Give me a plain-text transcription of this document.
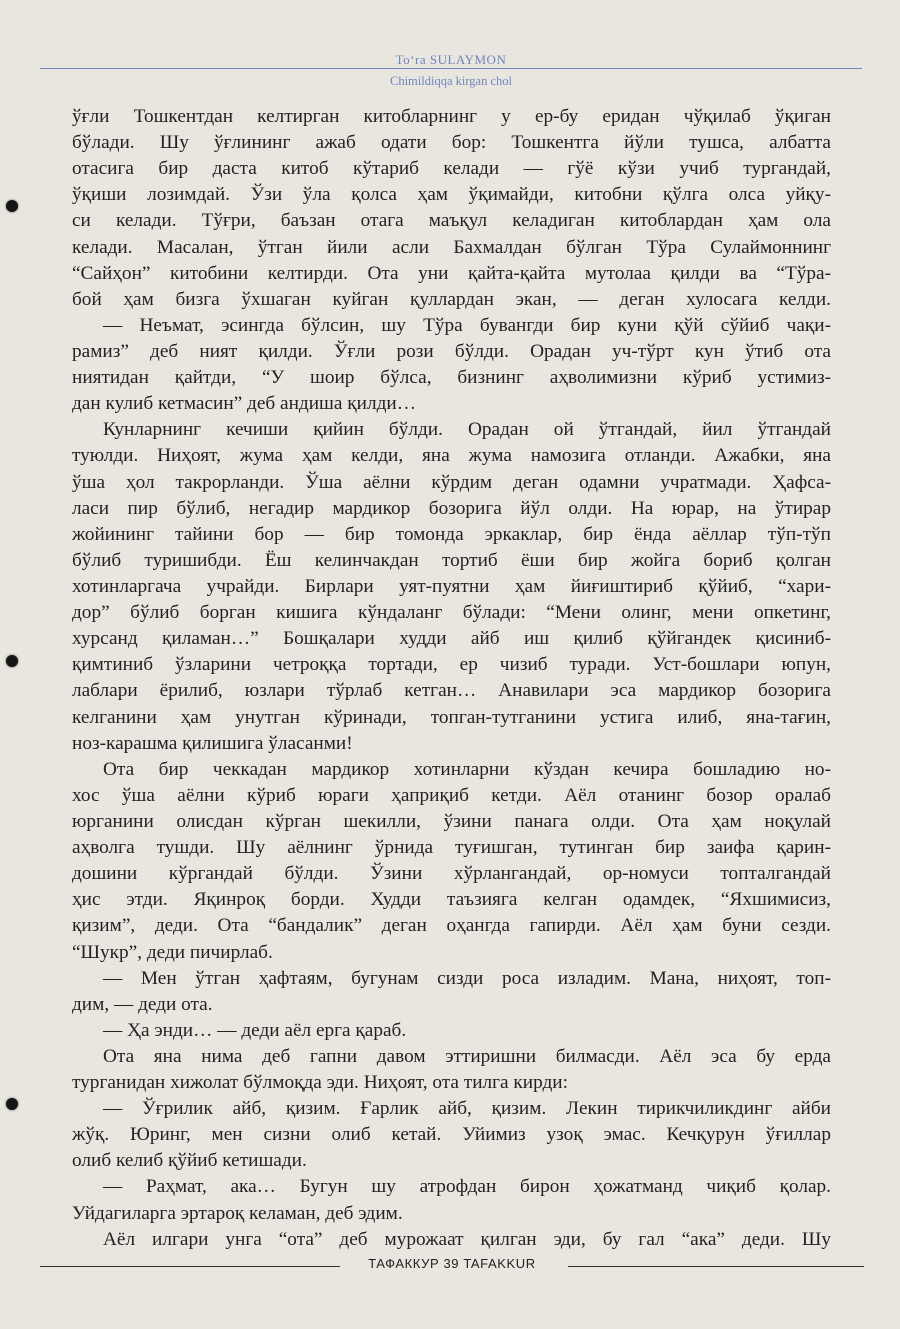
To‘ra SULAYMON
Chimildiqqa kirgan chol
ўғли Тошкентдан келтирган китобларнинг у ер-бу еридан чўқилаб ўқиган
бўлади. Шу ўғлининг ажаб одати бор: Тошкентга йўли тушса, албатта
отасига бир даста китоб кўтариб келади — гўё кўзи учиб тургандай,
ўқиши лозимдай. Ўзи ўла қолса ҳам ўқимайди, китобни қўлга олса уйқу-
си келади. Тўғри, баъзан отага маъқул келадиган китоблардан ҳам ола
келади. Масалан, ўтган йили асли Бахмалдан бўлган Тўра Сулаймоннинг
“Сайҳон” китобини келтирди. Ота уни қайта-қайта мутолаа қилди ва “Тўра-
бой ҳам бизга ўхшаган куйган қуллардан экан, — деган хулосага келди.
— Неъмат, эсингда бўлсин, шу Тўра бувангди бир куни қўй сўйиб чақи-
рамиз” деб ният қилди. Ўғли рози бўлди. Орадан уч-тўрт кун ўтиб ота
ниятидан қайтди, “У шоир бўлса, бизнинг аҳволимизни кўриб устимиз-
дан кулиб кетмасин” деб андиша қилди…
Кунларнинг кечиши қийин бўлди. Орадан ой ўтгандай, йил ўтгандай
туюлди. Ниҳоят, жума ҳам келди, яна жума намозига отланди. Ажабки, яна
ўша ҳол такрорланди. Ўша аёлни кўрдим деган одамни учратмади. Ҳафса-
ласи пир бўлиб, негадир мардикор бозорига йўл олди. На юрар, на ўтирар
жойининг тайини бор — бир томонда эркаклар, бир ёнда аёллар тўп-тўп
бўлиб туришибди. Ёш келинчакдан тортиб ёши бир жойга бориб қолган
хотинларгача учрайди. Бирлари уят-пуятни ҳам йиғиштириб қўйиб, “хари-
дор” бўлиб борган кишига кўндаланг бўлади: “Мени олинг, мени опкетинг,
хурсанд қиламан…” Бошқалари худди айб иш қилиб қўйгандек қисиниб-
қимтиниб ўзларини четроққа тортади, ер чизиб туради. Уст-бошлари юпун,
лаблари ёрилиб, юзлари тўрлаб кетган… Анавилари эса мардикор бозорига
келганини ҳам унутган кўринади, топган-тутганини устига илиб, яна-тағин,
ноз-карашма қилишига ўласанми!
Ота бир чеккадан мардикор хотинларни кўздан кечира бошладию но-
хос ўша аёлни кўриб юраги ҳаприқиб кетди. Аёл отанинг бозор оралаб
юрганини олисдан кўрган шекилли, ўзини панага олди. Ота ҳам ноқулай
аҳволга тушди. Шу аёлнинг ўрнида туғишган, тутинган бир заифа қарин-
дошини кўргандай бўлди. Ўзини хўрлангандай, ор-номуси топталгандай
ҳис этди. Яқинроқ борди. Худди таъзияга келган одамдек, “Яхшимисиз,
қизим”, деди. Ота “бандалик” деган оҳангда гапирди. Аёл ҳам буни сезди.
“Шукр”, деди пичирлаб.
— Мен ўтган ҳафтаям, бугунам сизди роса изладим. Мана, ниҳоят, топ-
дим, — деди ота.
— Ҳа энди… — деди аёл ерга қараб.
Ота яна нима деб гапни давом эттиришни билмасди. Аёл эса бу ерда
турганидан хижолат бўлмоқда эди. Ниҳоят, ота тилга кирди:
— Ўғрилик айб, қизим. Ғарлик айб, қизим. Лекин тирикчиликдинг айби
жўқ. Юринг, мен сизни олиб кетай. Уйимиз узоқ эмас. Кечқурун ўғиллар
олиб келиб қўйиб кетишади.
— Раҳмат, ака… Бугун шу атрофдан бирон ҳожатманд чиқиб қолар.
Уйдагиларга эртароқ келаман, деб эдим.
Аёл илгари унга “ота” деб мурожаат қилган эди, бу гал “ака” деди. Шу
ТАФАККУР 39 TAFAKKUR
